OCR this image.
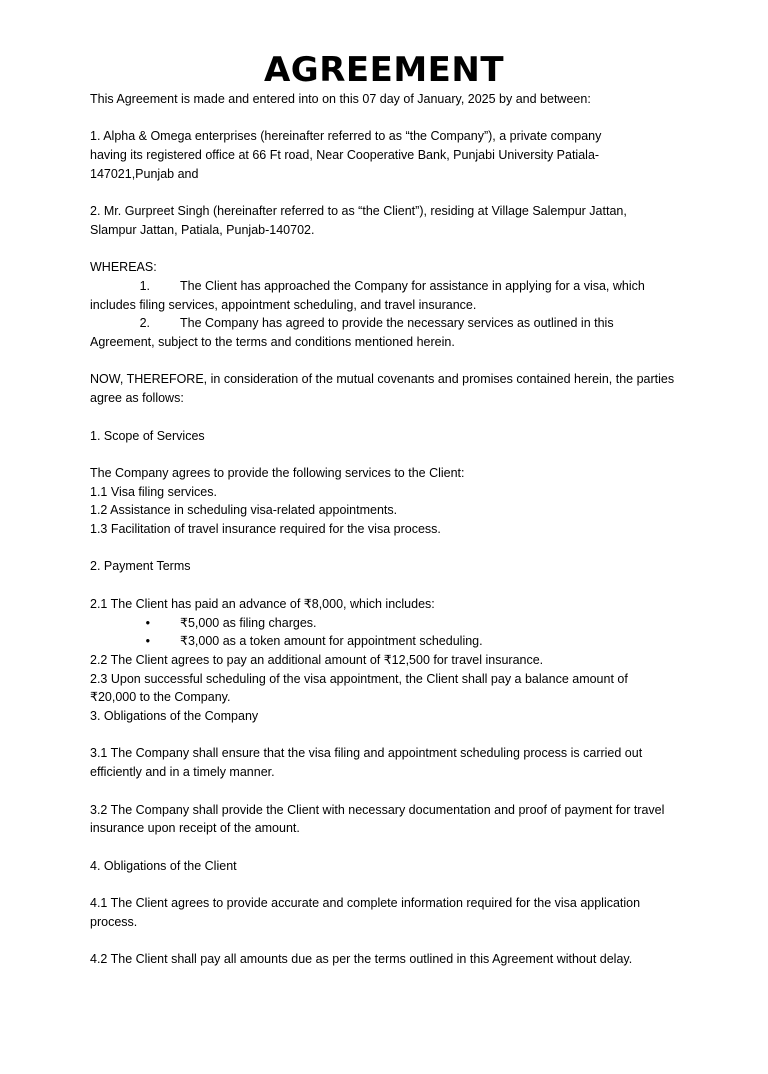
AGREEMENT

This Agreement is made and entered into on this 07 day of January, 2025 by and between:

1. Alpha & Omega enterprises (hereinafter referred to as “the Company”), a private company

having its registered office at 66 Ft road, Near Cooperative Bank, Punjabi University Patiala-

147021,Punjab and

2. Mr. Gurpreet Singh (hereinafter referred to as “the Client”), residing at Village Salempur Jattan,

Slampur Jattan, Patiala, Punjab-140702.

WHEREAS:

1. The Client has approached the Company for assistance in applying for a visa, which

includes filing services, appointment scheduling, and travel insurance.

2. The Company has agreed to provide the necessary services as outlined in this

Agreement, subject to the terms and conditions mentioned herein.

NOW, THEREFORE, in consideration of the mutual covenants and promises contained herein, the parties

agree as follows:

1. Scope of Services

The Company agrees to provide the following services to the Client:

1.1 Visa filing services.

1.2 Assistance in scheduling visa-related appointments.

1.3 Facilitation of travel insurance required for the visa process.

2. Payment Terms

2.1 The Client has paid an advance of ₹8,000, which includes:

•	₹5,000 as filing charges.
•	₹3,000 as a token amount for appointment scheduling.

2.2 The Client agrees to pay an additional amount of ₹12,500 for travel insurance.

2.3 Upon successful scheduling of the visa appointment, the Client shall pay a balance amount of

₹20,000 to the Company.

3. Obligations of the Company

3.1 The Company shall ensure that the visa filing and appointment scheduling process is carried out

efficiently and in a timely manner.

3.2 The Company shall provide the Client with necessary documentation and proof of payment for travel

insurance upon receipt of the amount.

4. Obligations of the Client

4.1 The Client agrees to provide accurate and complete information required for the visa application

process.

4.2 The Client shall pay all amounts due as per the terms outlined in this Agreement without delay.
